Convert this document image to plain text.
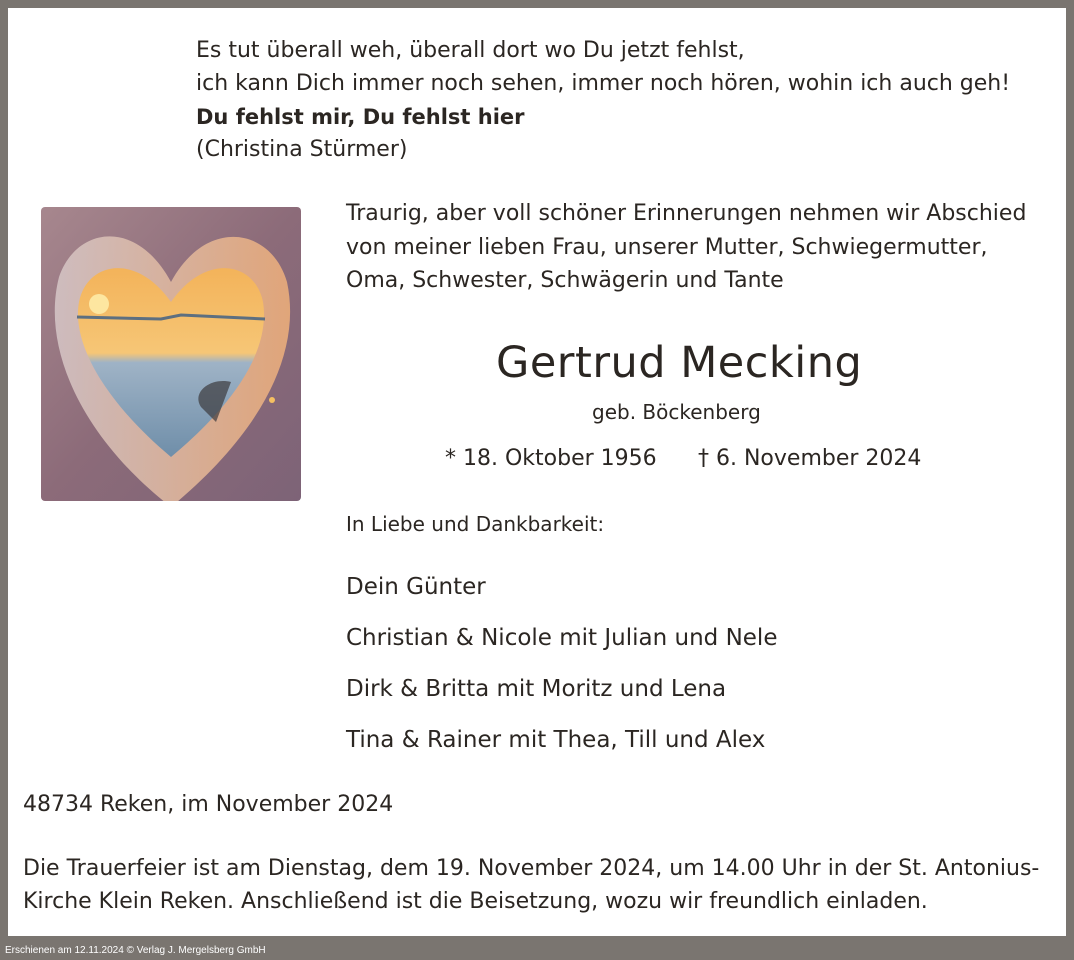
Es tut überall weh, überall dort wo Du jetzt fehlst,
ich kann Dich immer noch sehen, immer noch hören, wohin ich auch geh!
Du fehlst mir, Du fehlst hier
(Christina Stürmer)
Traurig, aber voll schöner Erinnerungen nehmen wir Abschied
von meiner lieben Frau, unserer Mutter, Schwiegermutter,
Oma, Schwester, Schwägerin und Tante
Gertrud Mecking
geb. Böckenberg
* 18. Oktober 1956 † 6. November 2024
In Liebe und Dankbarkeit:
Dein Günter
Christian & Nicole mit Julian und Nele
Dirk & Britta mit Moritz und Lena
Tina & Rainer mit Thea, Till und Alex
48734 Reken, im November 2024
Die Trauerfeier ist am Dienstag, dem 19. November 2024, um 14.00 Uhr in der St. Antonius-
Kirche Klein Reken. Anschließend ist die Beisetzung, wozu wir freundlich einladen.
Erschienen am 12.11.2024 © Verlag J. Mergelsberg GmbH
